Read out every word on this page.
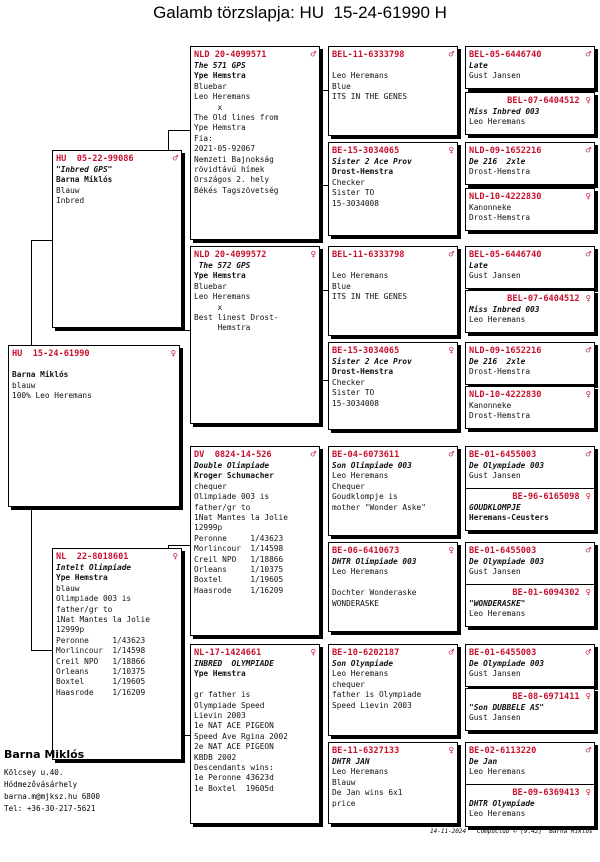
Galamb törzslapja: HU  15-24-61990 H
HU  15-24-61990	♀
Barna Miklós
blauw
100% Leo Heremans
HU  05-22-99086	♂
"Inbred GPS"
Barna Miklós
Blauw
Inbred
NL  22-8018601	♀
Intelt Olimpiade
Ype Hemstra
blauw
Olimpiade 003 is
father/gr to
1Nat Mantes la Jolie
12999p
Peronne     1/43623
Morlincour  1/14598
Creil NPO   1/18866
Orleans     1/10375
Boxtel      1/19605
Haasrode    1/16209
NLD 20-4099571	♂
The 571 GPS
Ype Hemstra
Bluebar
Leo Heremans
x
The Old lines from
Ype Hemstra
Fia:
2021-05-92067
Nemzeti Bajnokság
rövidtávú hímek
Országos 2. hely
Békés Tagszövetség
NLD 20-4099572	♀
The 572 GPS
Ype Hemstra
Bluebar
Leo Heremans
x
Best linest Drost-
Hemstra
DV  0824-14-526	♂
Double Olimpiade
Kroger Schumacher
chequer
Olimpiade 003 is
father/gr to
1Nat Mantes la Jolie
12999p
Peronne     1/43623
Morlincour  1/14598
Creil NPO   1/18866
Orleans     1/10375
Boxtel      1/19605
Haasrode    1/16209
NL-17-1424661	♀
INBRED  OLYMPIADE
Ype Hemstra
gr father is
Olympiade Speed
Lievin 2003
1e NAT ACE PIGEON
Speed Ave Rgina 2002
2e NAT ACE PIGEON
KBDB 2002
Descendants wins:
1e Peronne 43623d
1e Boxtel  19605d
BEL-11-6333798	♂
Leo Heremans
Blue
ITS IN THE GENES
BE-15-3034065	♀
Sister 2 Ace Prov
Drost-Hemstra
Checker
Sister TO
15-3034008
BEL-11-6333798	♂
Leo Heremans
Blue
ITS IN THE GENES
BE-15-3034065	♀
Sister 2 Ace Prov
Drost-Hemstra
Checker
Sister TO
15-3034008
BE-04-6073611	♂
Son Olimpiade 003
Leo Heremans
Chequer
Goudklompje is
mother "Wonder Aske"
BE-06-6410673	♀
DHTR Olimpiade 003
Leo Heremans
Dochter Wonderaske
WONDERASKE
BE-10-6202187	♂
Son Olympiade
Leo Heremans
chequer
father is Olympiade
Speed Lievin 2003
BE-11-6327133	♀
DHTR JAN
Leo Heremans
Blauw
De Jan wins 6x1
price
BEL-05-6446740	♂
Late
Gust Jansen
BEL-07-6404512 ♀
Miss Inbred 003
Leo Heremans
NLD-09-1652216	♂
De 216  2xle
Drost-Hemstra
NLD-10-4222830	♀
Kanonneke
Drost-Hemstra
BEL-05-6446740	♂
Late
Gust Jansen
BEL-07-6404512 ♀
Miss Inbred 003
Leo Heremans
NLD-09-1652216	♂
De 216  2xle
Drost-Hemstra
NLD-10-4222830	♀
Kanonneke
Drost-Hemstra
BE-01-6455003	♂
De Olympiade 003
Gust Jansen
BE-96-6165098 ♀
GOUDKLOMPJE
Heremans-Ceusters
BE-01-6455003	♂
De Olympiade 003
Gust Jansen
BE-01-6094302 ♀
"WONDERASKE"
Leo Heremans
BE-01-6455003	♂
De Olympiade 003
Gust Jansen
BE-08-6971411 ♀
"Son DUBBELE AS"
Gust Jansen
BE-02-6113220	♂
De Jan
Leo Heremans
BE-09-6369413 ♀
DHTR Olympiade
Leo Heremans
Barna Miklós
Kölcsey u.40.
Hódmezővásárhely
barna.m@mjksz.hu 6800
Tel: +36-30-217-5621
14-11-2024   Compuclub © [9.42]  Barna Miklós
